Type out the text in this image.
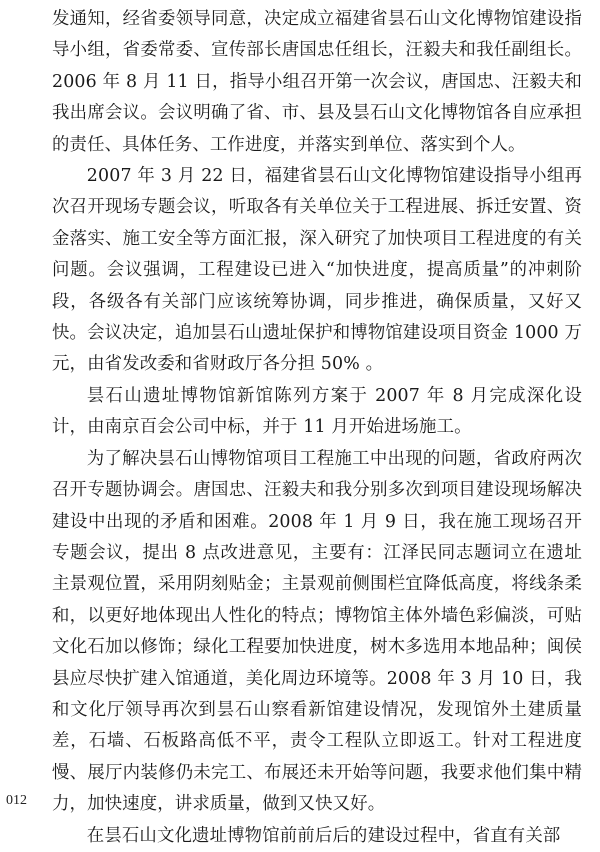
发通知，经省委领导同意，决定成立福建省昙石山文化博物馆建设指导小组，省委常委、宣传部长唐国忠任组长，汪毅夫和我任副组长。2006 年 8 月 11 日，指导小组召开第一次会议，唐国忠、汪毅夫和我出席会议。会议明确了省、市、县及昙石山文化博物馆各自应承担的责任、具体任务、工作进度，并落实到单位、落实到个人。

2007 年 3 月 22 日，福建省昙石山文化博物馆建设指导小组再次召开现场专题会议，听取各有关单位关于工程进展、拆迁安置、资金落实、施工安全等方面汇报，深入研究了加快项目工程进度的有关问题。会议强调，工程建设已进入“加快进度，提高质量”的冲刺阶段，各级各有关部门应该统筹协调，同步推进，确保质量，又好又快。会议决定，追加昙石山遗址保护和博物馆建设项目资金 1000 万元，由省发改委和省财政厅各分担 50% 。

昙石山遗址博物馆新馆陈列方案于 2007 年 8 月完成深化设计，由南京百会公司中标，并于 11 月开始进场施工。

为了解决昙石山博物馆项目工程施工中出现的问题，省政府两次召开专题协调会。唐国忠、汪毅夫和我分别多次到项目建设现场解决建设中出现的矛盾和困难。2008 年 1 月 9 日，我在施工现场召开专题会议，提出 8 点改进意见，主要有：江泽民同志题词立在遗址主景观位置，采用阴刻贴金；主景观前侧围栏宜降低高度，将线条柔和，以更好地体现出人性化的特点；博物馆主体外墙色彩偏淡，可贴文化石加以修饰；绿化工程要加快进度，树木多选用本地品种；闽侯县应尽快扩建入馆通道，美化周边环境等。2008 年 3 月 10 日，我和文化厅领导再次到昙石山察看新馆建设情况，发现馆外土建质量差，石墙、石板路高低不平，责令工程队立即返工。针对工程进度慢、展厅内装修仍未完工、布展还未开始等问题，我要求他们集中精力，加快速度，讲求质量，做到又快又好。

在昙石山文化遗址博物馆前前后后的建设过程中，省直有关部

012
